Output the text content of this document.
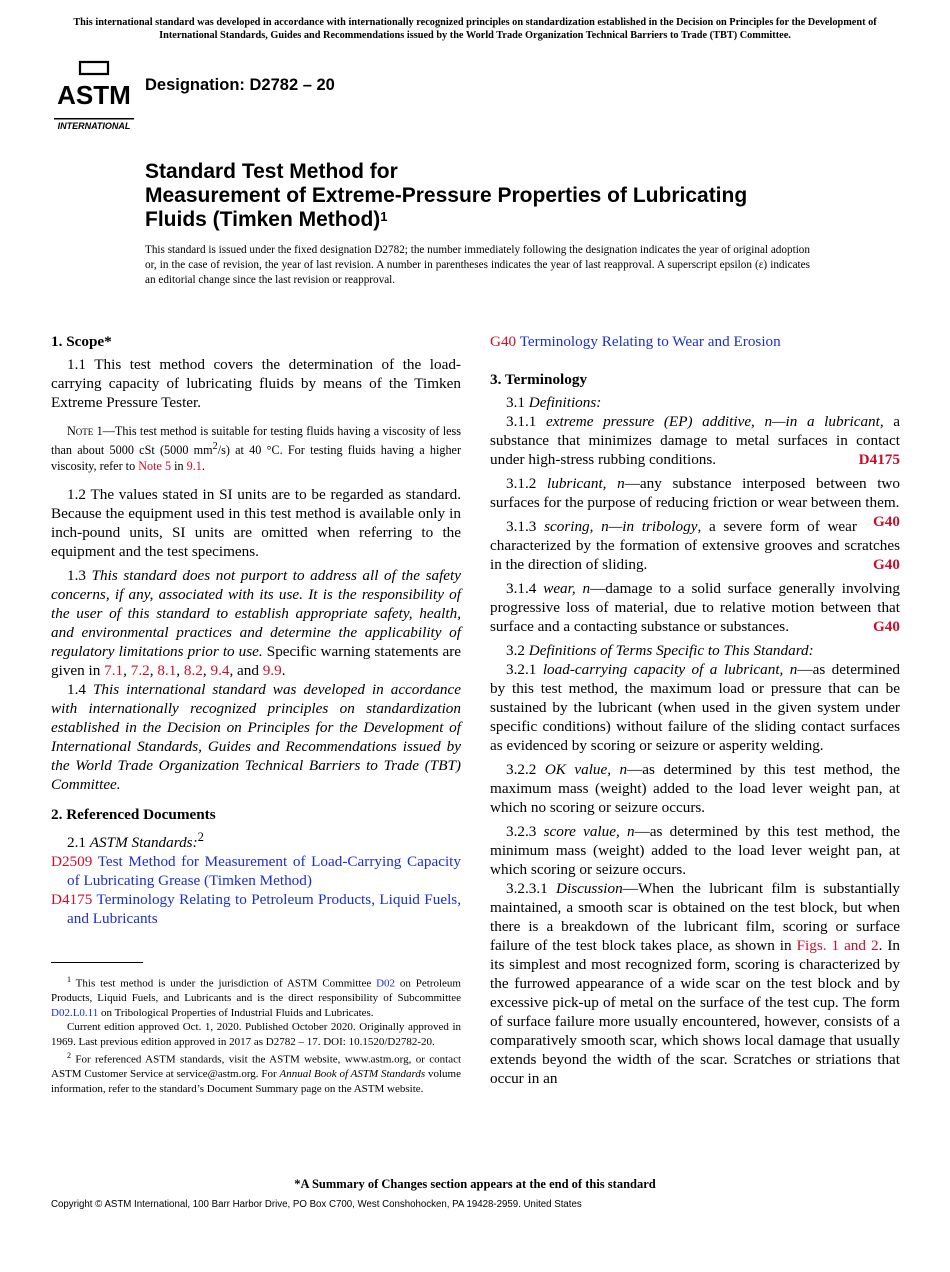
This international standard was developed in accordance with internationally recognized principles on standardization established in the Decision on Principles for the Development of International Standards, Guides and Recommendations issued by the World Trade Organization Technical Barriers to Trade (TBT) Committee.
ASTM
INTERNATIONAL
Designation: D2782 – 20
Standard Test Method for
Measurement of Extreme-Pressure Properties of Lubricating
Fluids (Timken Method)$^1$
This standard is issued under the fixed designation D2782; the number immediately following the designation indicates the year of original adoption or, in the case of revision, the year of last revision. A number in parentheses indicates the year of last reapproval. A superscript epsilon (ε) indicates an editorial change since the last revision or reapproval.

1. Scope*

1.1 This test method covers the determination of the load-carrying capacity of lubricating fluids by means of the Timken Extreme Pressure Tester.

Note 1—This test method is suitable for testing fluids having a viscosity of less than about 5000 cSt (5000 $mm^2/s$) at 40 °C. For testing fluids having a higher viscosity, refer to Note 5 in 9.1.

1.2 The values stated in SI units are to be regarded as standard. Because the equipment used in this test method is available only in inch-pound units, SI units are omitted when referring to the equipment and the test specimens.

1.3 This standard does not purport to address all of the safety concerns, if any, associated with its use. It is the responsibility of the user of this standard to establish appropriate safety, health, and environmental practices and determine the applicability of regulatory limitations prior to use. Specific warning statements are given in 7.1, 7.2, 8.1, 8.2, 9.4, and 9.9.

1.4 This international standard was developed in accordance with internationally recognized principles on standardization established in the Decision on Principles for the Development of International Standards, Guides and Recommendations issued by the World Trade Organization Technical Barriers to Trade (TBT) Committee.

2. Referenced Documents

2.1 ASTM Standards:$^2$

D2509 Test Method for Measurement of Load-Carrying Capacity of Lubricating Grease (Timken Method)

D4175 Terminology Relating to Petroleum Products, Liquid Fuels, and Lubricants

$^1$ This test method is under the jurisdiction of ASTM Committee D02 on Petroleum Products, Liquid Fuels, and Lubricants and is the direct responsibility of Subcommittee D02.L0.11 on Tribological Properties of Industrial Fluids and Lubricates.

Current edition approved Oct. 1, 2020. Published October 2020. Originally approved in 1969. Last previous edition approved in 2017 as D2782 – 17. DOI: 10.1520/D2782-20.

$^2$ For referenced ASTM standards, visit the ASTM website, www.astm.org, or contact ASTM Customer Service at service@astm.org. For Annual Book of ASTM Standards volume information, refer to the standard’s Document Summary page on the ASTM website.

G40 Terminology Relating to Wear and Erosion

3. Terminology

3.1 Definitions:

3.1.1 extreme pressure (EP) additive, n—in a lubricant, a substance that minimizes damage to metal surfaces in contact under high-stress rubbing conditions.	D4175

3.1.2 lubricant, n—any substance interposed between two surfaces for the purpose of reducing friction or wear between them.
G40

3.1.3 scoring, n—in tribology, a severe form of wear characterized by the formation of extensive grooves and scratches in the direction of sliding.	G40

3.1.4 wear, n—damage to a solid surface generally involving progressive loss of material, due to relative motion between that surface and a contacting substance or substances.	G40

3.2 Definitions of Terms Specific to This Standard:

3.2.1 load-carrying capacity of a lubricant, n—as determined by this test method, the maximum load or pressure that can be sustained by the lubricant (when used in the given system under specific conditions) without failure of the sliding contact surfaces as evidenced by scoring or seizure or asperity welding.

3.2.2 OK value, n—as determined by this test method, the maximum mass (weight) added to the load lever weight pan, at which no scoring or seizure occurs.

3.2.3 score value, n—as determined by this test method, the minimum mass (weight) added to the load lever weight pan, at which scoring or seizure occurs.

3.2.3.1 Discussion—When the lubricant film is substantially maintained, a smooth scar is obtained on the test block, but when there is a breakdown of the lubricant film, scoring or surface failure of the test block takes place, as shown in Figs. 1 and 2. In its simplest and most recognized form, scoring is characterized by the furrowed appearance of a wide scar on the test block and by excessive pick-up of metal on the surface of the test cup. The form of surface failure more usually encountered, however, consists of a comparatively smooth scar, which shows local damage that usually extends beyond the width of the scar. Scratches or striations that occur in an

*A Summary of Changes section appears at the end of this standard
Copyright © ASTM International, 100 Barr Harbor Drive, PO Box C700, West Conshohocken, PA 19428-2959. United States
